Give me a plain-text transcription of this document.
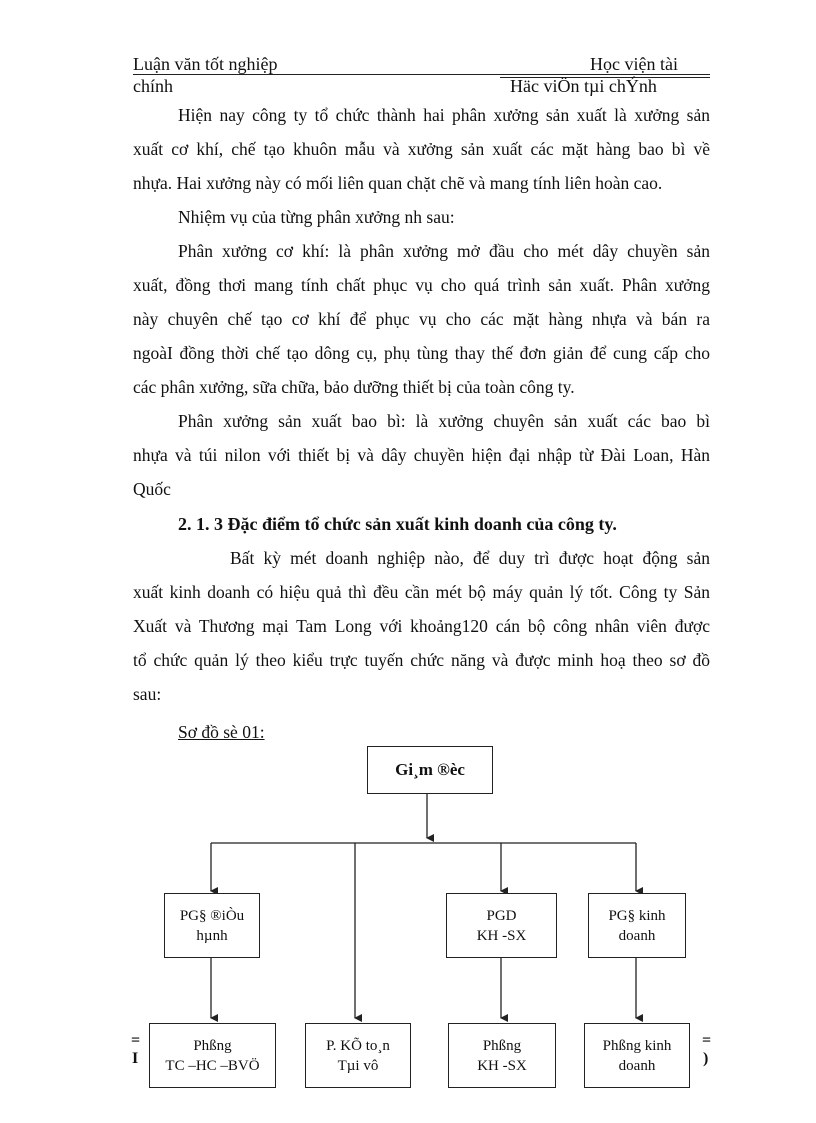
Luận văn tốt nghiệp	Học viện tài
chính	Häc viÖn tµi chÝnh
Hiện nay công ty tổ chức thành hai phân xưởng sản xuất là xưởng sản
xuất cơ khí, chế tạo khuôn mẫu và xưởng sản xuất các mặt hàng bao bì về
nhựa. Hai xưởng này có mối liên quan chặt chẽ và mang tính liên hoàn cao.
Nhiệm vụ của từng phân xưởng nh sau:
Phân xưởng cơ khí: là phân xưởng mở đầu cho mét dây chuyền sản
xuất, đồng thơi mang tính chất phục vụ cho quá trình sản xuất. Phân xưởng
này chuyên chế tạo cơ khí để phục vụ cho các mặt hàng nhựa và bán ra
ngoàI đồng thời chế tạo dông cụ, phụ tùng thay thế đơn giản để cung cấp cho
các phân xưởng, sữa chữa, bảo dưỡng thiết bị của toàn công ty.
Phân xưởng sản xuất bao bì: là xưởng chuyên sản xuất các bao bì
nhựa và túi nilon với thiết bị và dây chuyền hiện đại nhập từ Đài Loan, Hàn
Quốc
2. 1. 3 Đặc điểm tổ chức sản xuất kinh doanh của công ty.
Bất kỳ mét doanh nghiệp nào, để duy trì được hoạt động sản
xuất kinh doanh có hiệu quả thì đều cần mét bộ máy quản lý tốt. Công ty Sản
Xuất và Thương mại Tam Long với khoảng120 cán bộ công nhân viên được
tổ chức quản lý theo kiểu trực tuyến chức năng và được minh hoạ theo sơ đồ
sau:
Sơ đồ sè 01:
Gi¸m ®èc
PG§ ®iÒu
hµnh
PGD
KH -SX
PG§ kinh
doanh
Phßng
TC –HC –BVÖ
P. KÕ to¸n
Tµi vô
Phßng
KH -SX
Phßng kinh
doanh
=
I
=
)
